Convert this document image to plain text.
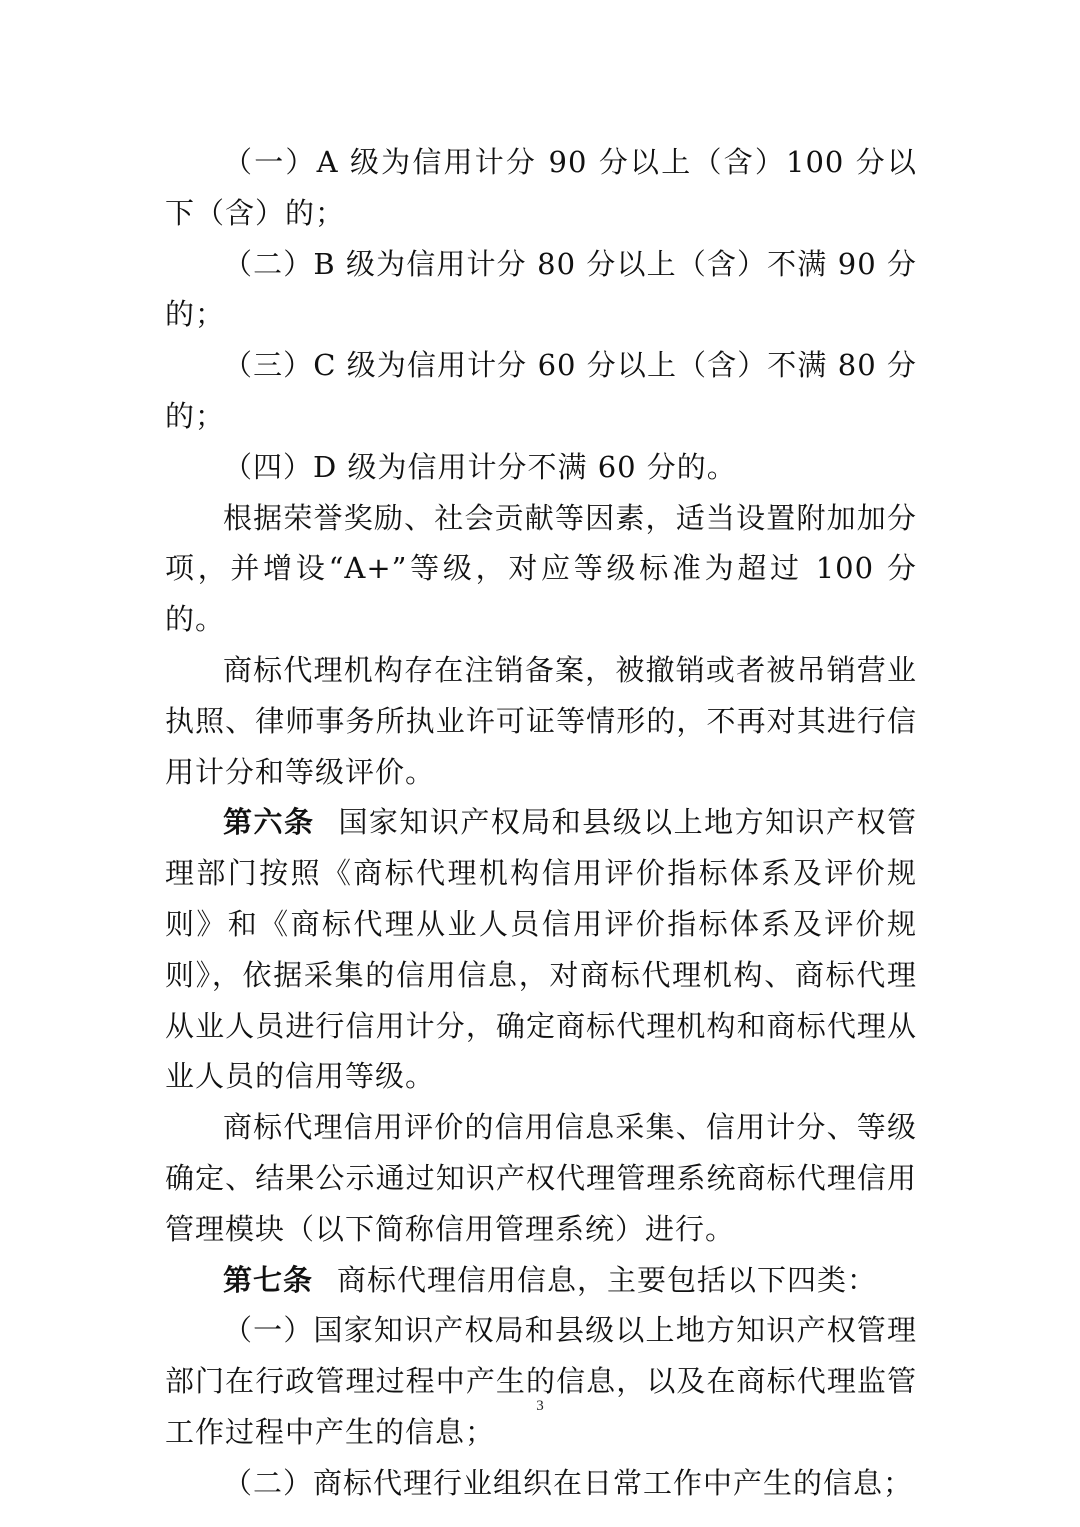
（一）A 级为信用计分 90 分以上（含）100 分以下（含）的；

（二）B 级为信用计分 80 分以上（含）不满 90 分的；

（三）C 级为信用计分 60 分以上（含）不满 80 分的；

（四）D 级为信用计分不满 60 分的。

根据荣誉奖励、社会贡献等因素，适当设置附加加分项，并增设“A+”等级，对应等级标准为超过 100 分的。

商标代理机构存在注销备案，被撤销或者被吊销营业执照、律师事务所执业许可证等情形的，不再对其进行信用计分和等级评价。

第六条 国家知识产权局和县级以上地方知识产权管理部门按照《商标代理机构信用评价指标体系及评价规则》和《商标代理从业人员信用评价指标体系及评价规则》，依据采集的信用信息，对商标代理机构、商标代理从业人员进行信用计分，确定商标代理机构和商标代理从业人员的信用等级。

商标代理信用评价的信用信息采集、信用计分、等级确定、结果公示通过知识产权代理管理系统商标代理信用管理模块（以下简称信用管理系统）进行。

第七条 商标代理信用信息，主要包括以下四类：

（一）国家知识产权局和县级以上地方知识产权管理部门在行政管理过程中产生的信息，以及在商标代理监管工作过程中产生的信息；

（二）商标代理行业组织在日常工作中产生的信息；

3
